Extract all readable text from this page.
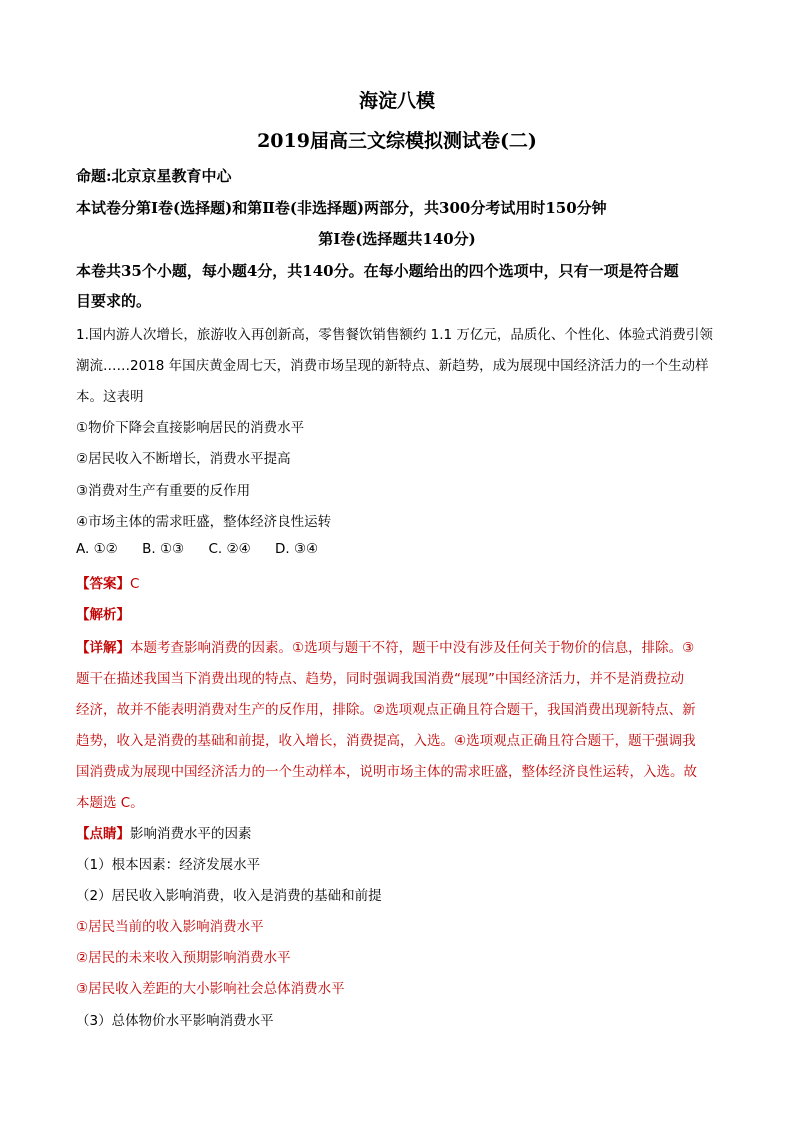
海淀八模
2019届高三文综模拟测试卷(二)
命题:北京京星教育中心
本试卷分第Ⅰ卷(选择题)和第Ⅱ卷(非选择题)两部分，共300分考试用时150分钟
第Ⅰ卷(选择题共140分)
本卷共35个小题，每小题4分，共140分。在每小题给出的四个选项中，只有一项是符合题
目要求的。
1.国内游人次增长，旅游收入再创新高，零售餐饮销售额约 1.1 万亿元，品质化、个性化、体验式消费引领
潮流……2018 年国庆黄金周七天，消费市场呈现的新特点、新趋势，成为展现中国经济活力的一个生动样
本。这表明
①物价下降会直接影响居民的消费水平
②居民收入不断增长，消费水平提高
③消费对生产有重要的反作用
④市场主体的需求旺盛，整体经济良性运转
A. ①② B. ①③ C. ②④ D. ③④
【答案】C
【解析】
【详解】本题考查影响消费的因素。①选项与题干不符，题干中没有涉及任何关于物价的信息，排除。③
题干在描述我国当下消费出现的特点、趋势，同时强调我国消费“展现”中国经济活力，并不是消费拉动
经济，故并不能表明消费对生产的反作用，排除。②选项观点正确且符合题干，我国消费出现新特点、新
趋势，收入是消费的基础和前提，收入增长，消费提高，入选。④选项观点正确且符合题干，题干强调我
国消费成为展现中国经济活力的一个生动样本，说明市场主体的需求旺盛，整体经济良性运转，入选。故
本题选 C。
【点睛】影响消费水平的因素
（1）根本因素：经济发展水平
（2）居民收入影响消费，收入是消费的基础和前提
①居民当前的收入影响消费水平
②居民的未来收入预期影响消费水平
③居民收入差距的大小影响社会总体消费水平
（3）总体物价水平影响消费水平
